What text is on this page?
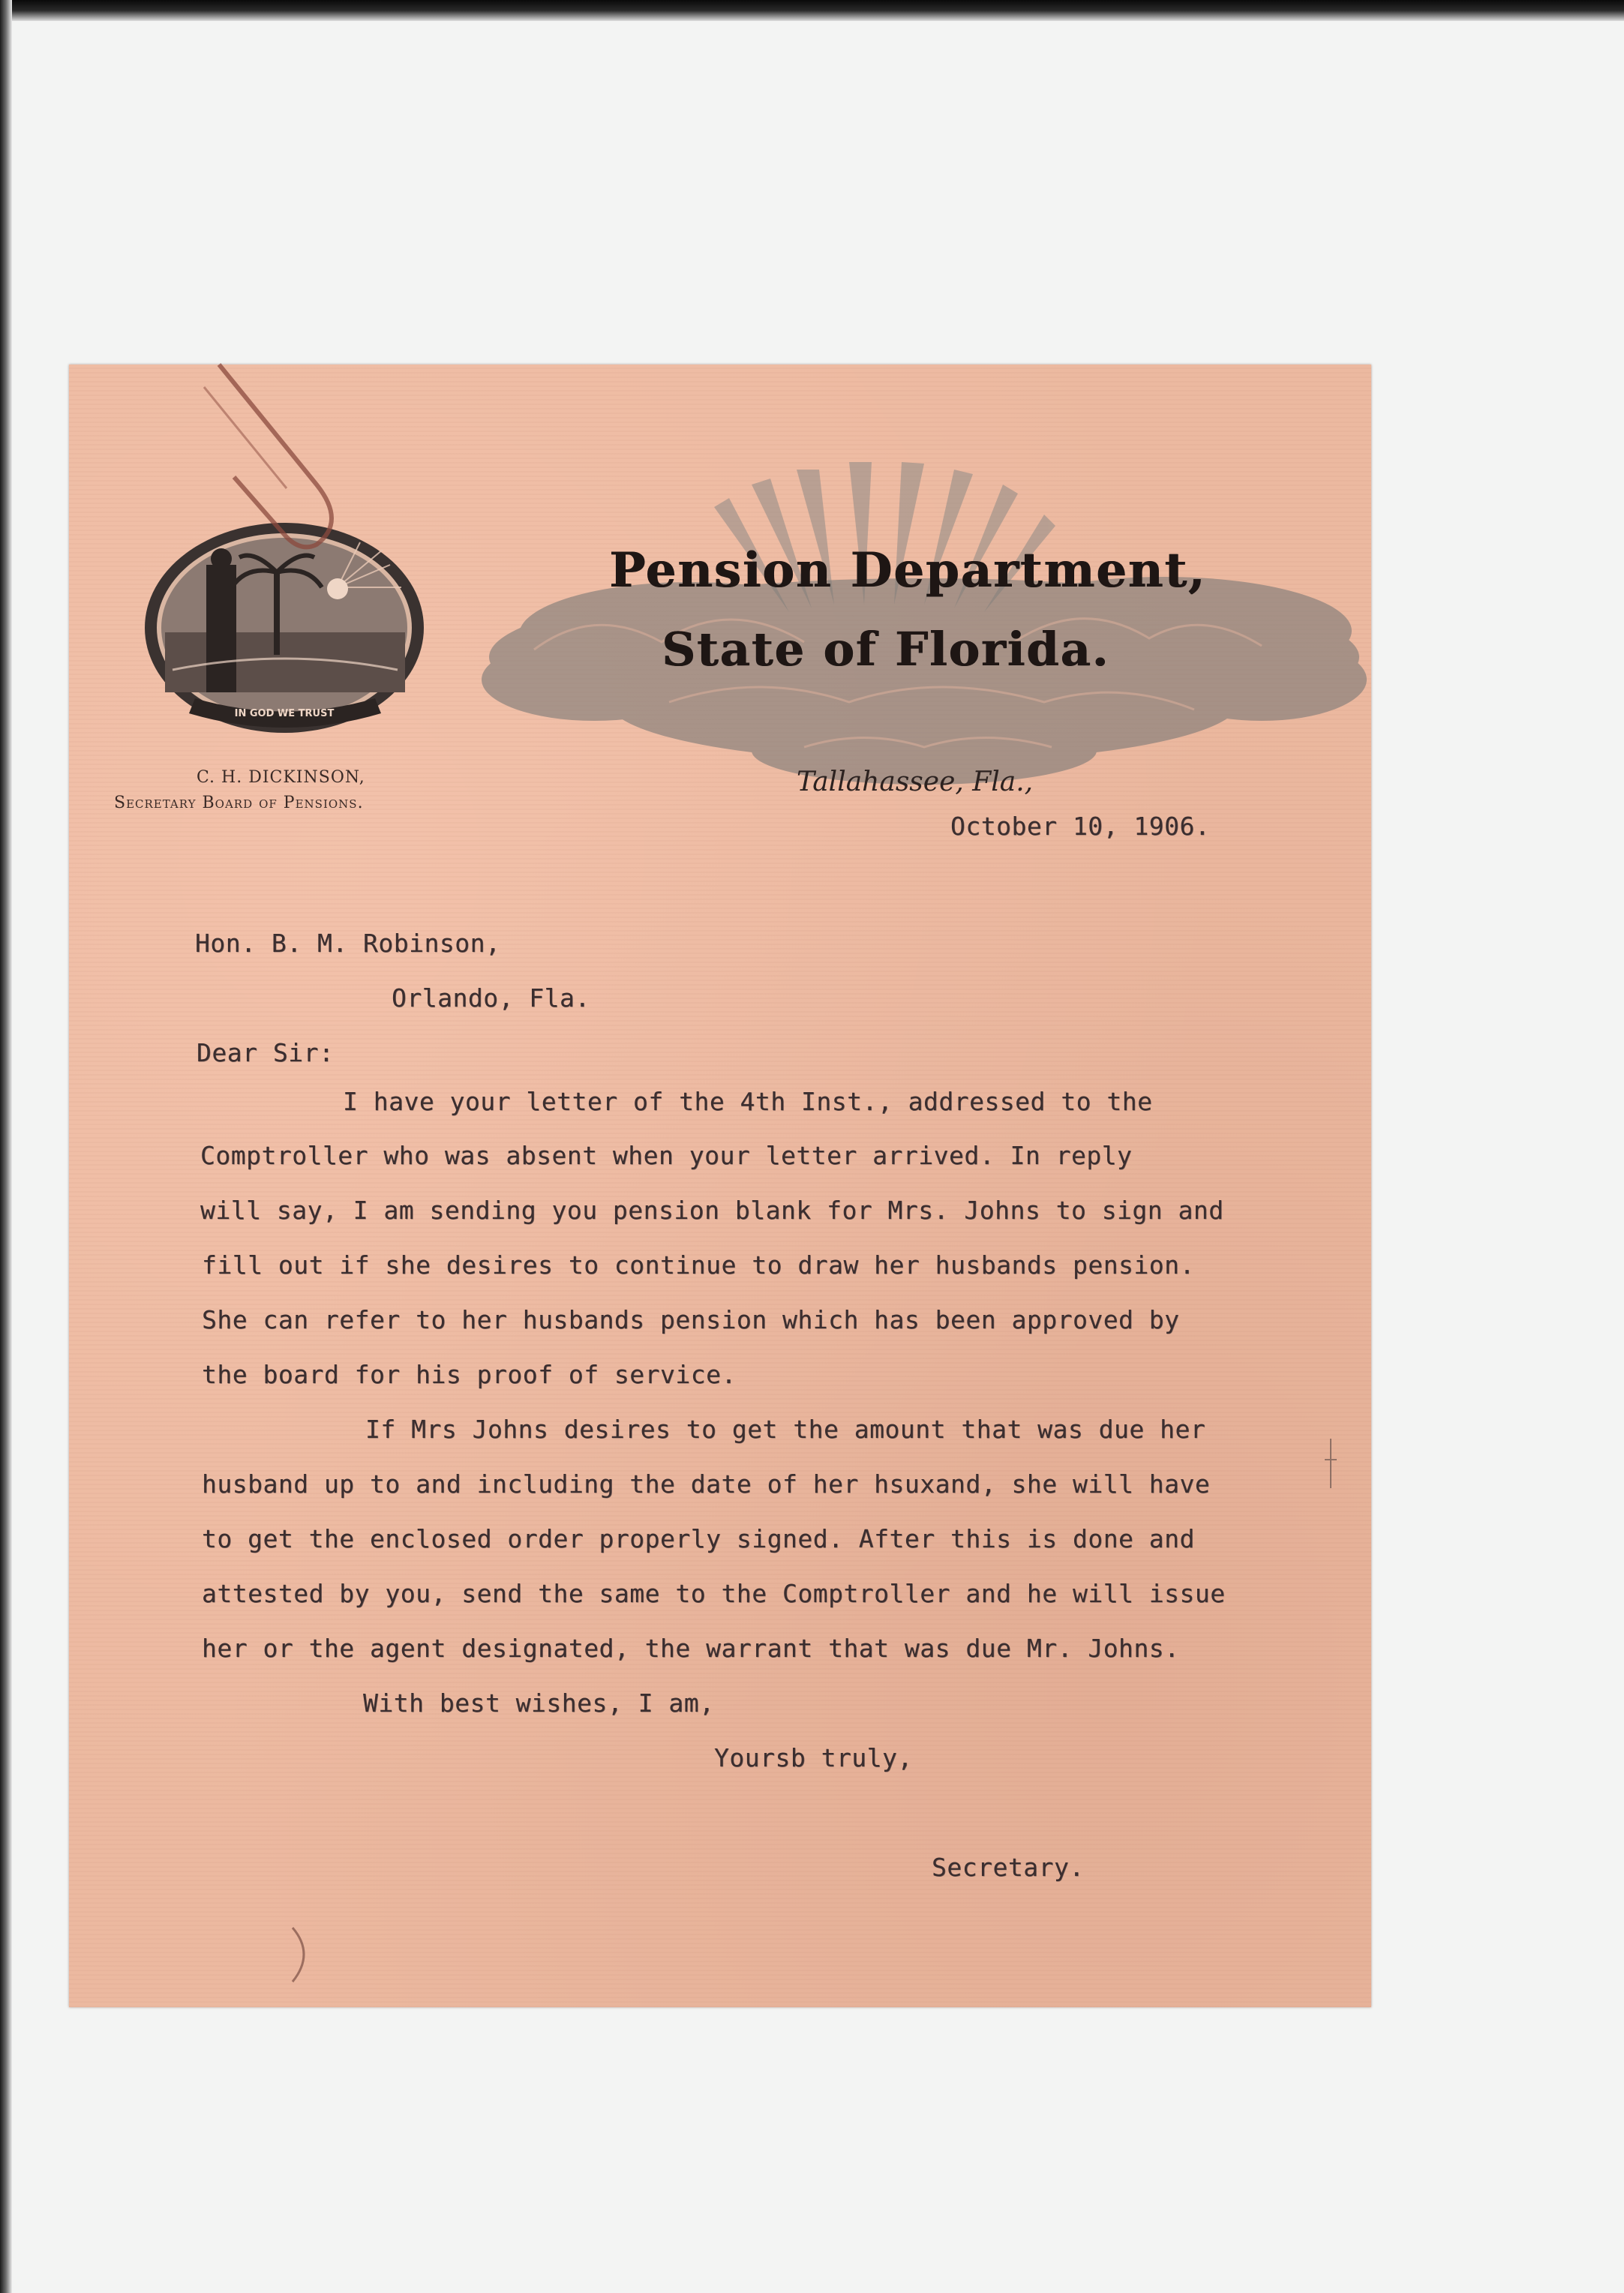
IN GOD WE TRUST
Pension Department,
State of Florida.
C. H. DICKINSON,
Secretary Board of Pensions.
Tallahassee, Fla.,
October 10, 1906.
Hon. B. M. Robinson,
Orlando, Fla.
Dear Sir:
I have your letter of the 4th Inst., addressed to the
Comptroller who was absent when your letter arrived. In reply
will say, I am sending you pension blank for Mrs. Johns to sign and
fill out if she desires to continue to draw her husbands pension.
She can refer to her husbands pension which has been approved by
the board for his proof of service.
If Mrs Johns desires to get the amount that was due her
husband up to and including the date of her hsuxand, she will have
to get the enclosed order properly signed. After this is done and
attested by you, send the same to the Comptroller and he will issue
her or the agent designated, the warrant that was due Mr. Johns.
With best wishes, I am,
Yoursb truly,
Secretary.
